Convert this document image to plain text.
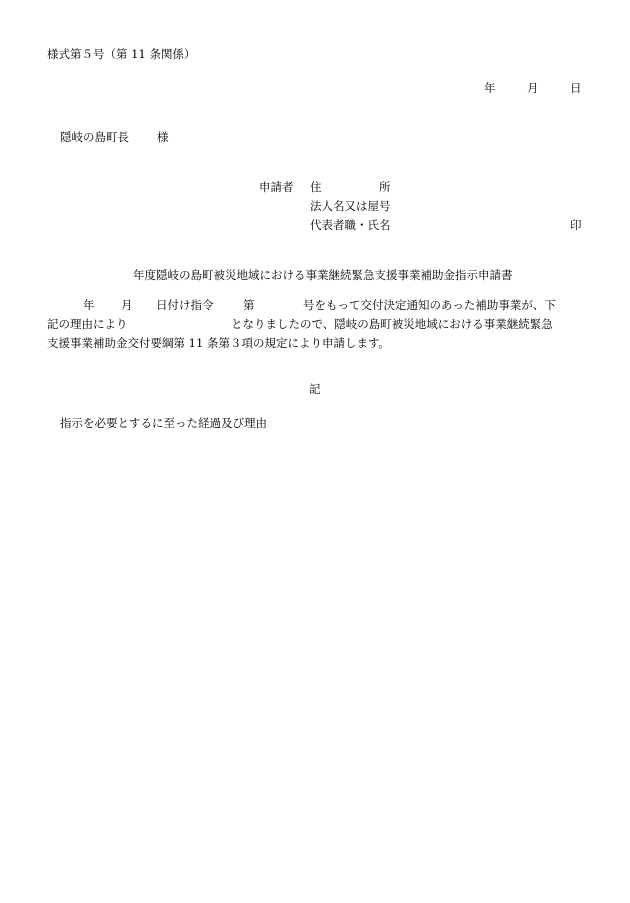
様式第５号（第 11 条関係）
年	月	日
隠岐の島町長 様
申請者 住	所
法人名又は屋号
代表者職・氏名	印
年度隠岐の島町被災地域における事業継続緊急支援事業補助金指示申請書
年 月 日付け指令	第	号をもって交付決定通知のあった補助事業が、下
記の理由により	となりましたので、隠岐の島町被災地域における事業継続緊急
支援事業補助金交付要綱第 11 条第３項の規定により申請します。
記
指示を必要とするに至った経過及び理由
